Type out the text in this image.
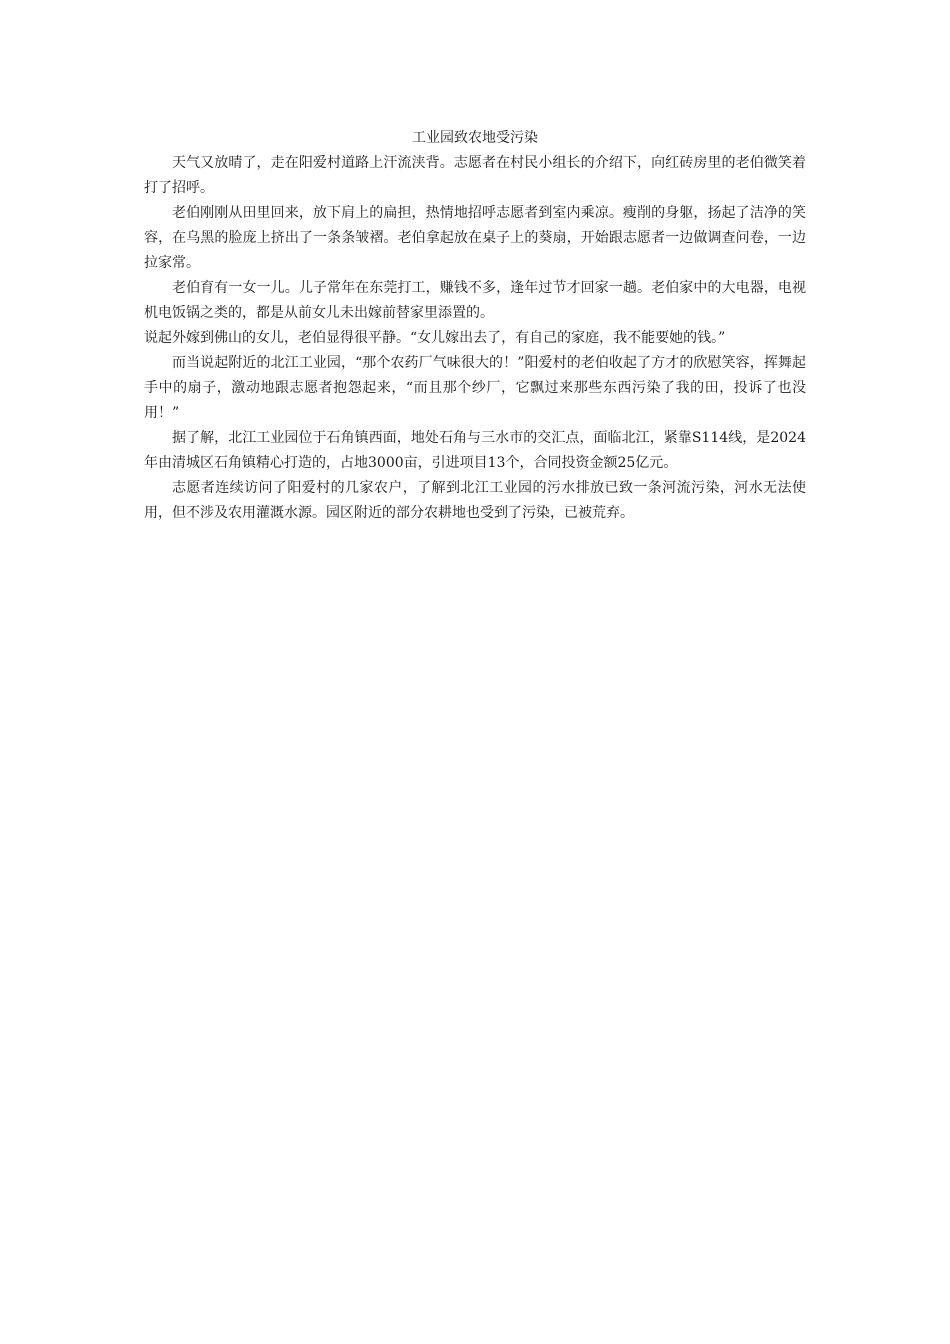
工业园致农地受污染

天气又放晴了，走在阳爱村道路上汗流浃背。志愿者在村民小组长的介绍下，向红砖房里的老伯微笑着打了招呼。

老伯刚刚从田里回来，放下肩上的扁担，热情地招呼志愿者到室内乘凉。瘦削的身躯，扬起了洁净的笑容，在乌黑的脸庞上挤出了一条条皱褶。老伯拿起放在桌子上的葵扇，开始跟志愿者一边做调查问卷，一边拉家常。

老伯育有一女一儿。儿子常年在东莞打工，赚钱不多，逢年过节才回家一趟。老伯家中的大电器，电视机电饭锅之类的，都是从前女儿未出嫁前替家里添置的。

说起外嫁到佛山的女儿，老伯显得很平静。“女儿嫁出去了，有自己的家庭，我不能要她的钱。”

而当说起附近的北江工业园，“那个农药厂气味很大的！”阳爱村的老伯收起了方才的欣慰笑容，挥舞起手中的扇子，激动地跟志愿者抱怨起来，“而且那个纱厂，它飘过来那些东西污染了我的田，投诉了也没用！”

据了解，北江工业园位于石角镇西面，地处石角与三水市的交汇点，面临北江，紧靠S114线，是2024年由清城区石角镇精心打造的，占地3000亩，引进项目13个，合同投资金额25亿元。

志愿者连续访问了阳爱村的几家农户，了解到北江工业园的污水排放已致一条河流污染，河水无法使用，但不涉及农用灌溉水源。园区附近的部分农耕地也受到了污染，已被荒弃。
